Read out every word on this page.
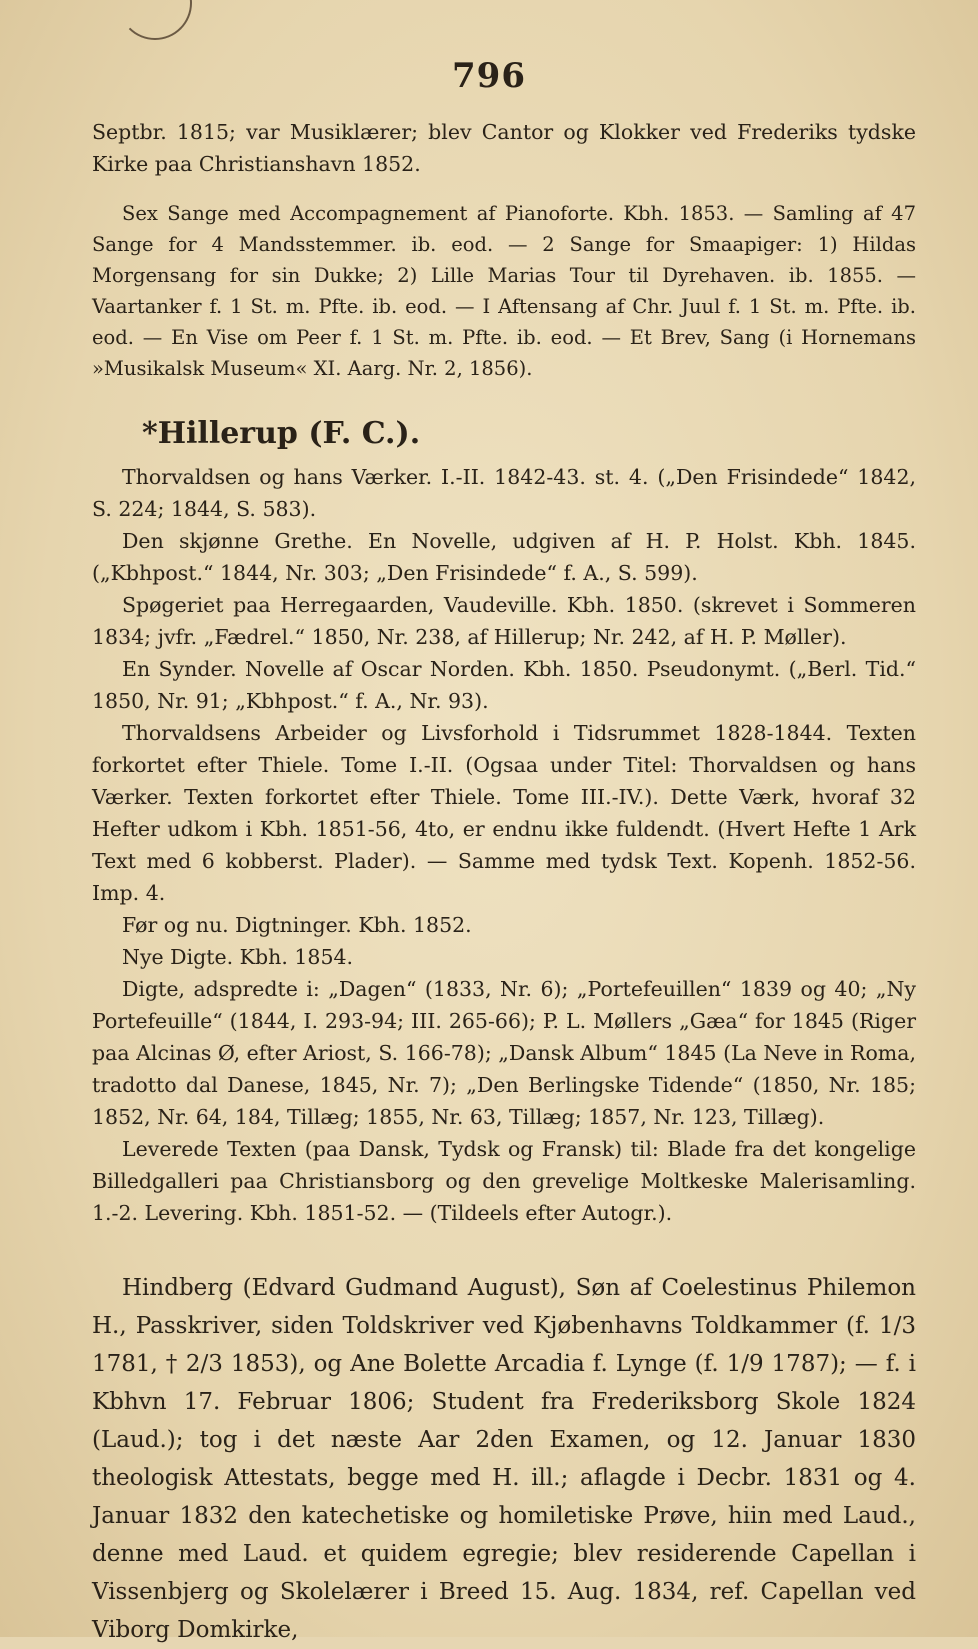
796
Septbr. 1815; var Musiklærer; blev Cantor og Klokker ved Frederiks tydske Kirke paa Christianshavn 1852.
Sex Sange med Accompagnement af Pianoforte. Kbh. 1853. — Samling af 47 Sange for 4 Mandsstemmer. ib. eod. — 2 Sange for Smaapiger: 1) Hildas Morgensang for sin Dukke; 2) Lille Marias Tour til Dyrehaven. ib. 1855. — Vaartanker f. 1 St. m. Pfte. ib. eod. — I Aftensang af Chr. Juul f. 1 St. m. Pfte. ib. eod. — En Vise om Peer f. 1 St. m. Pfte. ib. eod. — Et Brev, Sang (i Hornemans »Musikalsk Museum« XI. Aarg. Nr. 2, 1856).
*Hillerup (F. C.).
Thorvaldsen og hans Værker. I.-II. 1842-43. st. 4. („Den Frisindede“ 1842, S. 224; 1844, S. 583).
Den skjønne Grethe. En Novelle, udgiven af H. P. Holst. Kbh. 1845. („Kbhpost.“ 1844, Nr. 303; „Den Frisindede“ f. A., S. 599).
Spøgeriet paa Herregaarden, Vaudeville. Kbh. 1850. (skrevet i Sommeren 1834; jvfr. „Fædrel.“ 1850, Nr. 238, af Hillerup; Nr. 242, af H. P. Møller).
En Synder. Novelle af Oscar Norden. Kbh. 1850. Pseudonymt. („Berl. Tid.“ 1850, Nr. 91; „Kbhpost.“ f. A., Nr. 93).
Thorvaldsens Arbeider og Livsforhold i Tidsrummet 1828-1844. Texten forkortet efter Thiele. Tome I.-II. (Ogsaa under Titel: Thorvaldsen og hans Værker. Texten forkortet efter Thiele. Tome III.-IV.). Dette Værk, hvoraf 32 Hefter udkom i Kbh. 1851-56, 4to, er endnu ikke fuldendt. (Hvert Hefte 1 Ark Text med 6 kobberst. Plader). — Samme med tydsk Text. Kopenh. 1852-56. Imp. 4.
Før og nu. Digtninger. Kbh. 1852.
Nye Digte. Kbh. 1854.
Digte, adspredte i: „Dagen“ (1833, Nr. 6); „Portefeuillen“ 1839 og 40; „Ny Portefeuille“ (1844, I. 293-94; III. 265-66); P. L. Møllers „Gæa“ for 1845 (Riger paa Alcinas Ø, efter Ariost, S. 166-78); „Dansk Album“ 1845 (La Neve in Roma, tradotto dal Danese, 1845, Nr. 7); „Den Berlingske Tidende“ (1850, Nr. 185; 1852, Nr. 64, 184, Tillæg; 1855, Nr. 63, Tillæg; 1857, Nr. 123, Tillæg).
Leverede Texten (paa Dansk, Tydsk og Fransk) til: Blade fra det kongelige Billedgalleri paa Christiansborg og den grevelige Moltkeske Malerisamling. 1.-2. Levering. Kbh. 1851-52. — (Tildeels efter Autogr.).
Hindberg (Edvard Gudmand August), Søn af Coelestinus Philemon H., Passkriver, siden Toldskriver ved Kjøbenhavns Toldkammer (f. 1/3 1781, † 2/3 1853), og Ane Bolette Arcadia f. Lynge (f. 1/9 1787); — f. i Kbhvn 17. Februar 1806; Student fra Frederiksborg Skole 1824 (Laud.); tog i det næste Aar 2den Examen, og 12. Januar 1830 theologisk Attestats, begge med H. ill.; aflagde i Decbr. 1831 og 4. Januar 1832 den katechetiske og homiletiske Prøve, hiin med Laud., denne med Laud. et quidem egregie; blev residerende Capellan i Vissenbjerg og Skolelærer i Breed 15. Aug. 1834, ref. Capellan ved Viborg Domkirke,
